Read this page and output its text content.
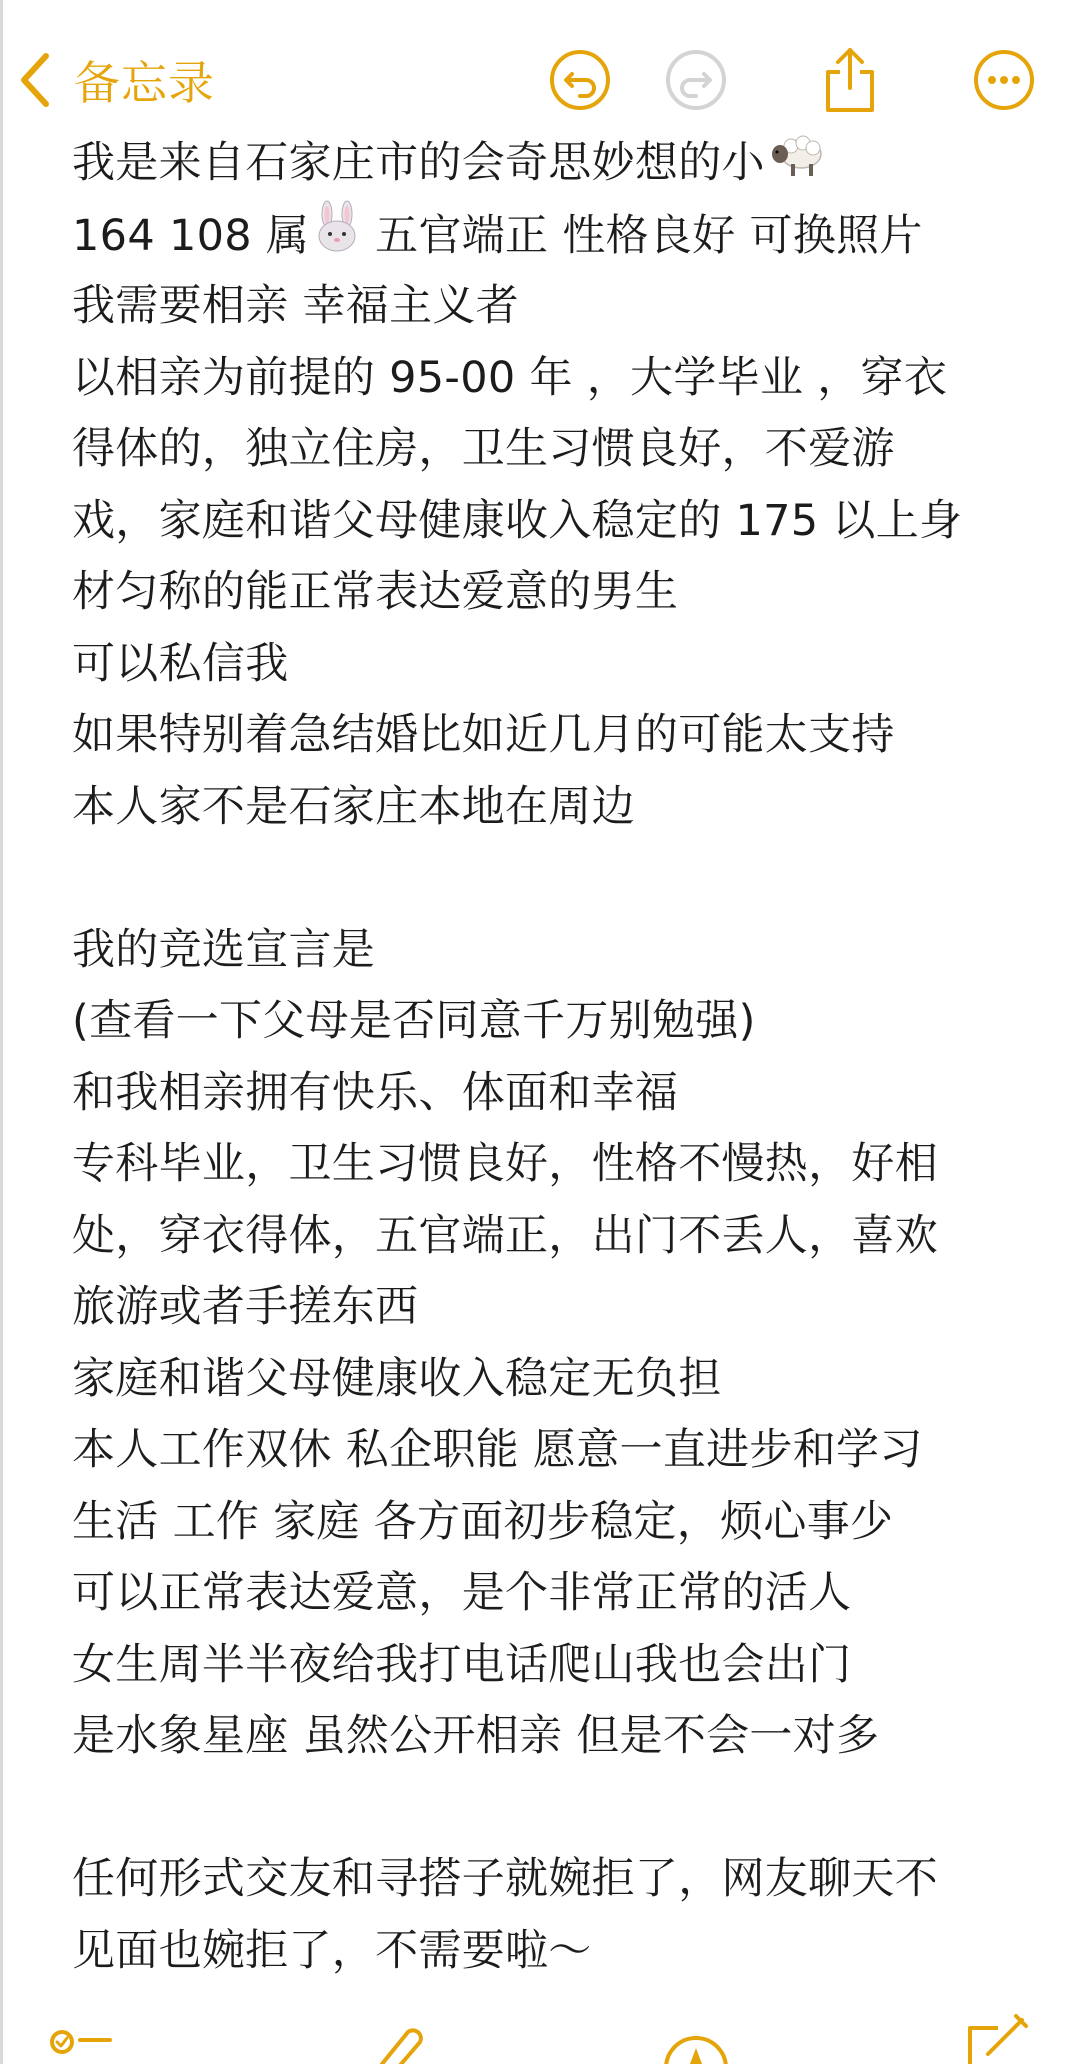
备忘录
我是来自石家庄市的会奇思妙想的小
164 108 属 五官端正 性格良好 可换照片
我需要相亲 幸福主义者
以相亲为前提的 95-00 年 ，大学毕业 ，穿衣
得体的，独立住房，卫生习惯良好，不爱游
戏，家庭和谐父母健康收入稳定的 175 以上身
材匀称的能正常表达爱意的男生
可以私信我
如果特别着急结婚比如近几月的可能太支持
本人家不是石家庄本地在周边
我的竞选宣言是
(查看一下父母是否同意千万别勉强)
和我相亲拥有快乐、体面和幸福
专科毕业，卫生习惯良好，性格不慢热，好相
处，穿衣得体，五官端正，出门不丢人，喜欢
旅游或者手搓东西
家庭和谐父母健康收入稳定无负担
本人工作双休 私企职能 愿意一直进步和学习
生活 工作 家庭 各方面初步稳定，烦心事少
可以正常表达爱意，是个非常正常的活人
女生周半半夜给我打电话爬山我也会出门
是水象星座 虽然公开相亲 但是不会一对多
任何形式交友和寻搭子就婉拒了，网友聊天不
见面也婉拒了，不需要啦～
